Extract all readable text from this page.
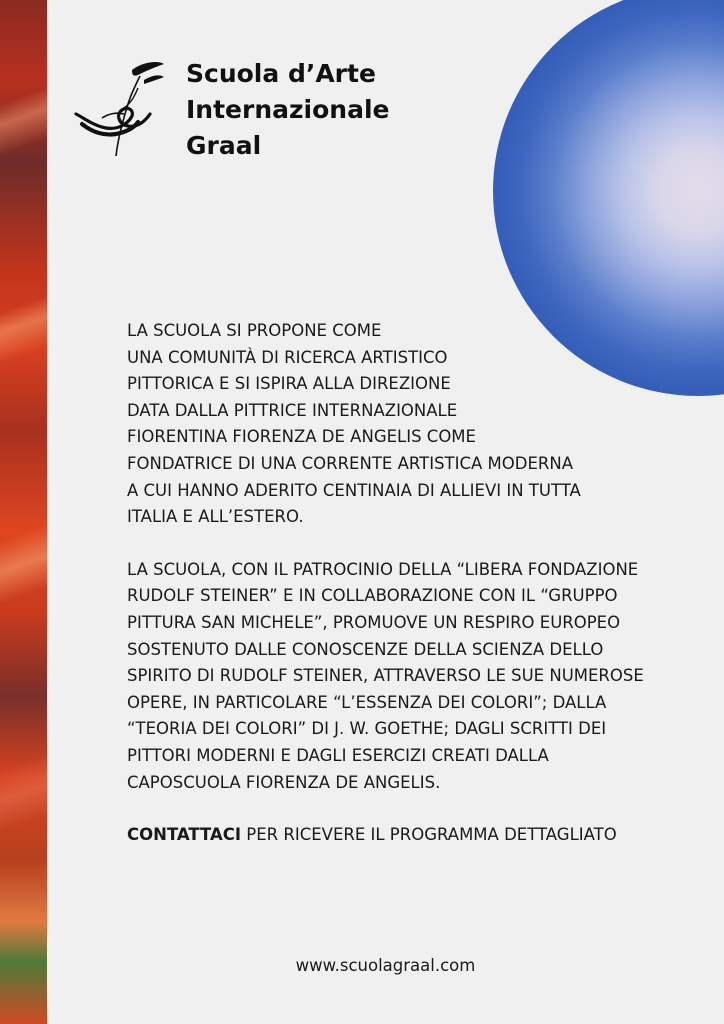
Scuola d’Arte
Internazionale
Graal

LA SCUOLA SI PROPONE COME
UNA COMUNITÀ DI RICERCA ARTISTICO
PITTORICA E SI ISPIRA ALLA DIREZIONE
DATA DALLA PITTRICE INTERNAZIONALE
FIORENTINA FIORENZA DE ANGELIS COME
FONDATRICE DI UNA CORRENTE ARTISTICA MODERNA
A CUI HANNO ADERITO CENTINAIA DI ALLIEVI IN TUTTA
ITALIA E ALL’ESTERO.

LA SCUOLA, CON IL PATROCINIO DELLA “LIBERA FONDAZIONE
RUDOLF STEINER” E IN COLLABORAZIONE CON IL “GRUPPO
PITTURA SAN MICHELE”, PROMUOVE UN RESPIRO EUROPEO
SOSTENUTO DALLE CONOSCENZE DELLA SCIENZA DELLO
SPIRITO DI RUDOLF STEINER, ATTRAVERSO LE SUE NUMEROSE
OPERE, IN PARTICOLARE “L’ESSENZA DEI COLORI”; DALLA
“TEORIA DEI COLORI” DI J. W. GOETHE; DAGLI SCRITTI DEI
PITTORI MODERNI E DAGLI ESERCIZI CREATI DALLA
CAPOSCUOLA FIORENZA DE ANGELIS.

CONTATTACI PER RICEVERE IL PROGRAMMA DETTAGLIATO

www.scuolagraal.com
